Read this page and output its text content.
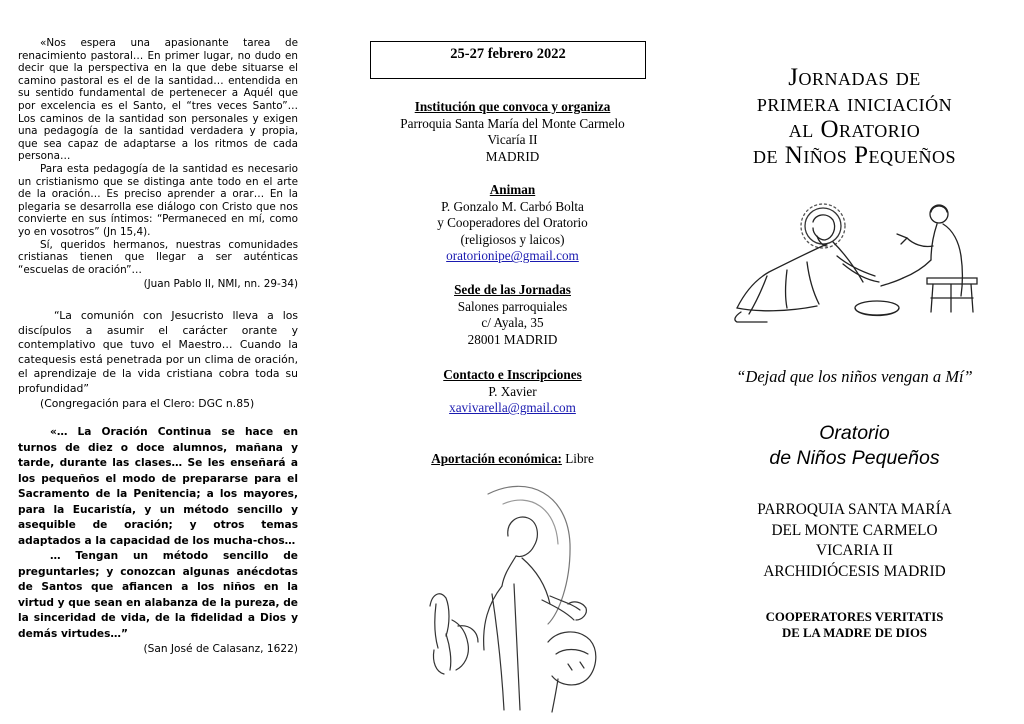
«Nos espera una apasionante tarea de renacimiento pastoral… En primer lugar, no dudo en decir que la perspectiva en la que debe situarse el camino pastoral es el de la santidad… entendida en su sentido fundamental de pertenecer a Aquél que por excelencia es el Santo, el “tres veces Santo”… Los caminos de la santidad son personales y exigen una pedagogía de la santidad verdadera y propia, que sea capaz de adaptarse a los ritmos de cada persona…

Para esta pedagogía de la santidad es necesario un cristianismo que se distinga ante todo en el arte de la oración… Es preciso aprender a orar… En la plegaria se desarrolla ese diálogo con Cristo que nos convierte en sus íntimos: “Permaneced en mí, como yo en vosotros” (Jn 15,4).

Sí, queridos hermanos, nuestras comunidades cristianas tienen que llegar a ser auténticas “escuelas de oración”…

(Juan Pablo II, NMI, nn. 29-34)

“La comunión con Jesucristo lleva a los discípulos a asumir el carácter orante y contemplativo que tuvo el Maestro… Cuando la catequesis está penetrada por un clima de oración, el aprendizaje de la vida cristiana cobra toda su profundidad”

(Congregación para el Clero: DGC n.85)

«… La Oración Continua se hace en turnos de diez o doce alumnos, mañana y tarde, durante las clases… Se les enseñará a los pequeños el modo de prepararse para el Sacramento de la Penitencia; a los mayores, para la Eucaristía, y un método sencillo y asequible de oración; y otros temas adaptados a la capacidad de los mucha-chos…

… Tengan un método sencillo de preguntarles; y conozcan algunas anécdotas de Santos que afiancen a los niños en la virtud y que sean en alabanza de la pureza, de la sinceridad de vida, de la fidelidad a Dios y demás virtudes…”

(San José de Calasanz, 1622)

25-27 febrero 2022
Institución que convoca y organiza
Parroquia Santa María del Monte Carmelo
Vicaría II
MADRID
Animan
P. Gonzalo M. Carbó Bolta
y Cooperadores del Oratorio
(religiosos y laicos)
oratorionipe@gmail.com
Sede de las Jornadas
Salones parroquiales
c/ Ayala, 35
28001 MADRID
Contacto e Inscripciones
P. Xavier
xavivarella@gmail.com
Aportación económica: Libre
Jornadas de
primera iniciación
al Oratorio
de Niños Pequeños
“Dejad que los niños vengan a Mí”
Oratorio
de Niños Pequeños
PARROQUIA SANTA MARÍA
DEL MONTE CARMELO
VICARIA II
ARCHIDIÓCESIS MADRID
COOPERATORES VERITATIS
DE LA MADRE DE DIOS
